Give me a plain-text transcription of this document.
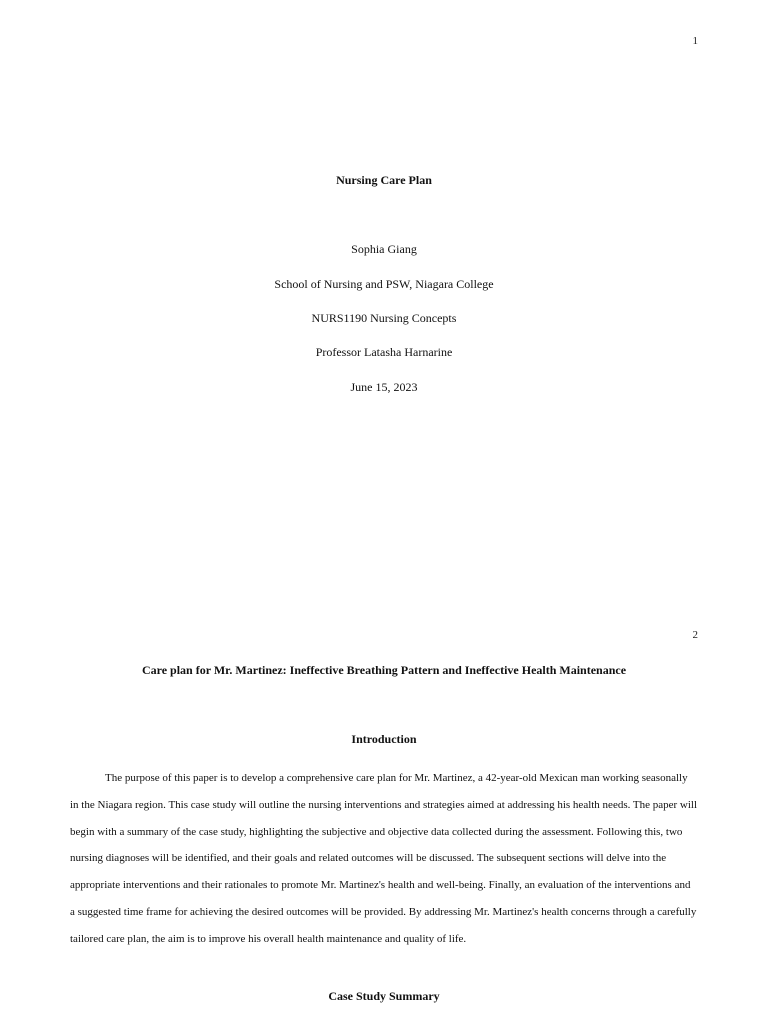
1
Nursing Care Plan
Sophia Giang
School of Nursing and PSW, Niagara College
NURS1190 Nursing Concepts
Professor Latasha Harnarine
June 15, 2023
2
Care plan for Mr. Martinez: Ineffective Breathing Pattern and Ineffective Health Maintenance
Introduction

The purpose of this paper is to develop a comprehensive care plan for Mr. Martinez, a 42-year-old Mexican man working seasonally in the Niagara region. This case study will outline the nursing interventions and strategies aimed at addressing his health needs. The paper will begin with a summary of the case study, highlighting the subjective and objective data collected during the assessment. Following this, two nursing diagnoses will be identified, and their goals and related outcomes will be discussed. The subsequent sections will delve into the appropriate interventions and their rationales to promote Mr. Martinez's health and well-being. Finally, an evaluation of the interventions and a suggested time frame for achieving the desired outcomes will be provided. By addressing Mr. Martinez's health concerns through a carefully tailored care plan, the aim is to improve his overall health maintenance and quality of life.

Case Study Summary
